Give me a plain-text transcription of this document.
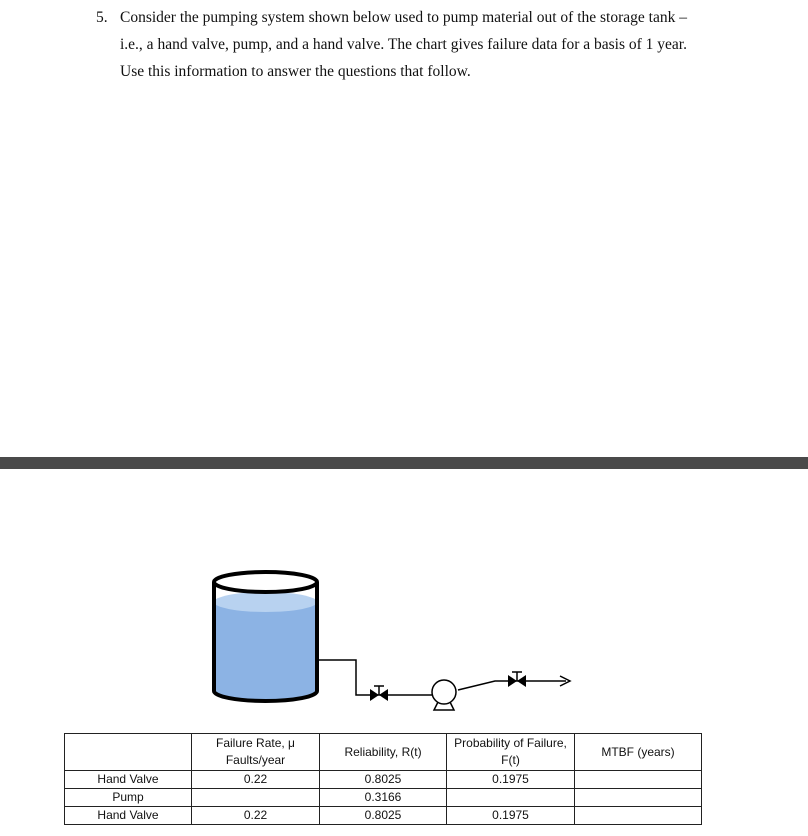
5. Consider the pumping system shown below used to pump material out of the storage tank –
i.e., a hand valve, pump, and a hand valve. The chart gives failure data for a basis of 1 year.
Use this information to answer the questions that follow.
	Failure Rate, μ Faults/year	Reliability, R(t)	Probability of Failure, F(t)	MTBF (years)
Hand Valve	0.22	0.8025	0.1975	
Pump		0.3166		
Hand Valve	0.22	0.8025	0.1975	
